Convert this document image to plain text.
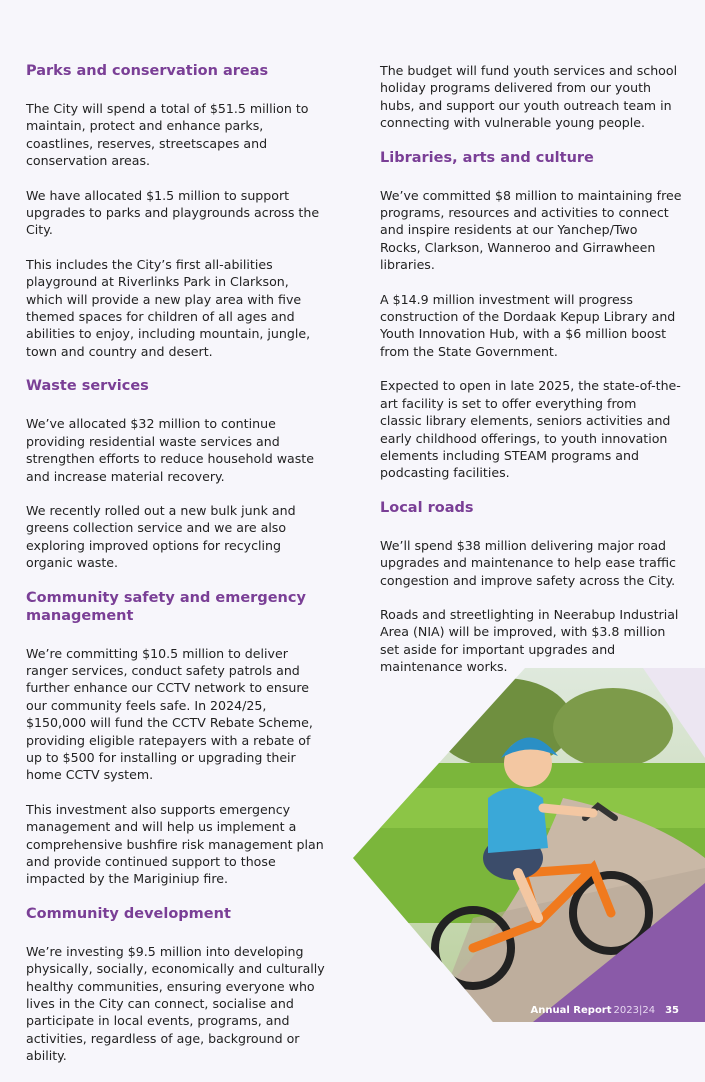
Parks and conservation areas

The City will spend a total of $51.5 million to maintain, protect and enhance parks, coastlines, reserves, streetscapes and conservation areas.

We have allocated $1.5 million to support upgrades to parks and playgrounds across the City.

This includes the City’s first all-abilities playground at Riverlinks Park in Clarkson, which will provide a new play area with five themed spaces for children of all ages and abilities to enjoy, including mountain, jungle, town and country and desert.

Waste services

We’ve allocated $32 million to continue providing residential waste services and strengthen efforts to reduce household waste and increase material recovery.

We recently rolled out a new bulk junk and greens collection service and we are also exploring improved options for recycling organic waste.

Community safety and emergency management

We’re committing $10.5 million to deliver ranger services, conduct safety patrols and further enhance our CCTV network to ensure our community feels safe. In 2024/25, $150,000 will fund the CCTV Rebate Scheme, providing eligible ratepayers with a rebate of up to $500 for installing or upgrading their home CCTV system.

This investment also supports emergency management and will help us implement a comprehensive bushfire risk management plan and provide continued support to those impacted by the Mariginiup fire.

Community development

We’re investing $9.5 million into developing physically, socially, economically and culturally healthy communities, ensuring everyone who lives in the City can connect, socialise and participate in local events, programs, and activities, regardless of age, background or ability.

The budget will fund youth services and school holiday programs delivered from our youth hubs, and support our youth outreach team in connecting with vulnerable young people.

Libraries, arts and culture

We’ve committed $8 million to maintaining free programs, resources and activities to connect and inspire residents at our Yanchep/Two Rocks, Clarkson, Wanneroo and Girrawheen libraries.

A $14.9 million investment will progress construction of the Dordaak Kepup Library and Youth Innovation Hub, with a $6 million boost from the State Government.

Expected to open in late 2025, the state-of-the-art facility is set to offer everything from classic library elements, seniors activities and early childhood offerings, to youth innovation elements including STEAM programs and podcasting facilities.

Local roads

We’ll spend $38 million delivering major road upgrades and maintenance to help ease traffic congestion and improve safety across the City.

Roads and streetlighting in Neerabup Industrial Area (NIA) will be improved, with $3.8 million set aside for important upgrades and maintenance works.

Annual Report 2023|24 35
